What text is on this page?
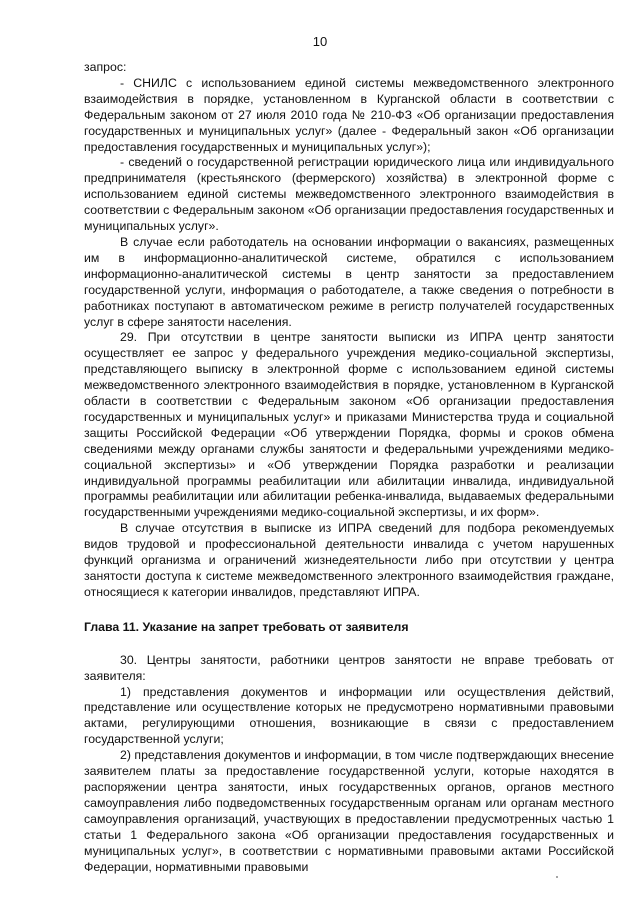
10

запрос:

- СНИЛС с использованием единой системы межведомственного электронного взаимодействия в порядке, установленном в Курганской области в соответствии с Федеральным законом от 27 июля 2010 года № 210-ФЗ «Об организации предоставления государственных и муниципальных услуг» (далее - Федеральный закон «Об организации предоставления государственных и муниципальных услуг»);

- сведений о государственной регистрации юридического лица или индивидуального предпринимателя (крестьянского (фермерского) хозяйства) в электронной форме с использованием единой системы межведомственного электронного взаимодействия в соответствии с Федеральным законом «Об организации предоставления государственных и муниципальных услуг».

В случае если работодатель на основании информации о вакансиях, размещенных им в информационно-аналитической системе, обратился с использованием информационно-аналитической системы в центр занятости за предоставлением государственной услуги, информация о работодателе, а также сведения о потребности в работниках поступают в автоматическом режиме в регистр получателей государственных услуг в сфере занятости населения.

29. При отсутствии в центре занятости выписки из ИПРА центр занятости осуществляет ее запрос у федерального учреждения медико-социальной экспертизы, представляющего выписку в электронной форме с использованием единой системы межведомственного электронного взаимодействия в порядке, установленном в Курганской области в соответствии с Федеральным законом «Об организации предоставления государственных и муниципальных услуг» и приказами Министерства труда и социальной защиты Российской Федерации «Об утверждении Порядка, формы и сроков обмена сведениями между органами службы занятости и федеральными учреждениями медико-социальной экспертизы» и «Об утверждении Порядка разработки и реализации индивидуальной программы реабилитации или абилитации инвалида, индивидуальной программы реабилитации или абилитации ребенка-инвалида, выдаваемых федеральными государственными учреждениями медико-социальной экспертизы, и их форм».

В случае отсутствия в выписке из ИПРА сведений для подбора рекомендуемых видов трудовой и профессиональной деятельности инвалида с учетом нарушенных функций организма и ограничений жизнедеятельности либо при отсутствии у центра занятости доступа к системе межведомственного электронного взаимодействия граждане, относящиеся к категории инвалидов, представляют ИПРА.

Глава 11. Указание на запрет требовать от заявителя

30. Центры занятости, работники центров занятости не вправе требовать от заявителя:

1) представления документов и информации или осуществления действий, представление или осуществление которых не предусмотрено нормативными правовыми актами, регулирующими отношения, возникающие в связи с предоставлением государственной услуги;

2) представления документов и информации, в том числе подтверждающих внесение заявителем платы за предоставление государственной услуги, которые находятся в распоряжении центра занятости, иных государственных органов, органов местного самоуправления либо подведомственных государственным органам или органам местного самоуправления организаций, участвующих в предоставлении предусмотренных частью 1 статьи 1 Федерального закона «Об организации предоставления государственных и муниципальных услуг», в соответствии с нормативными правовыми актами Российской Федерации, нормативными правовыми
